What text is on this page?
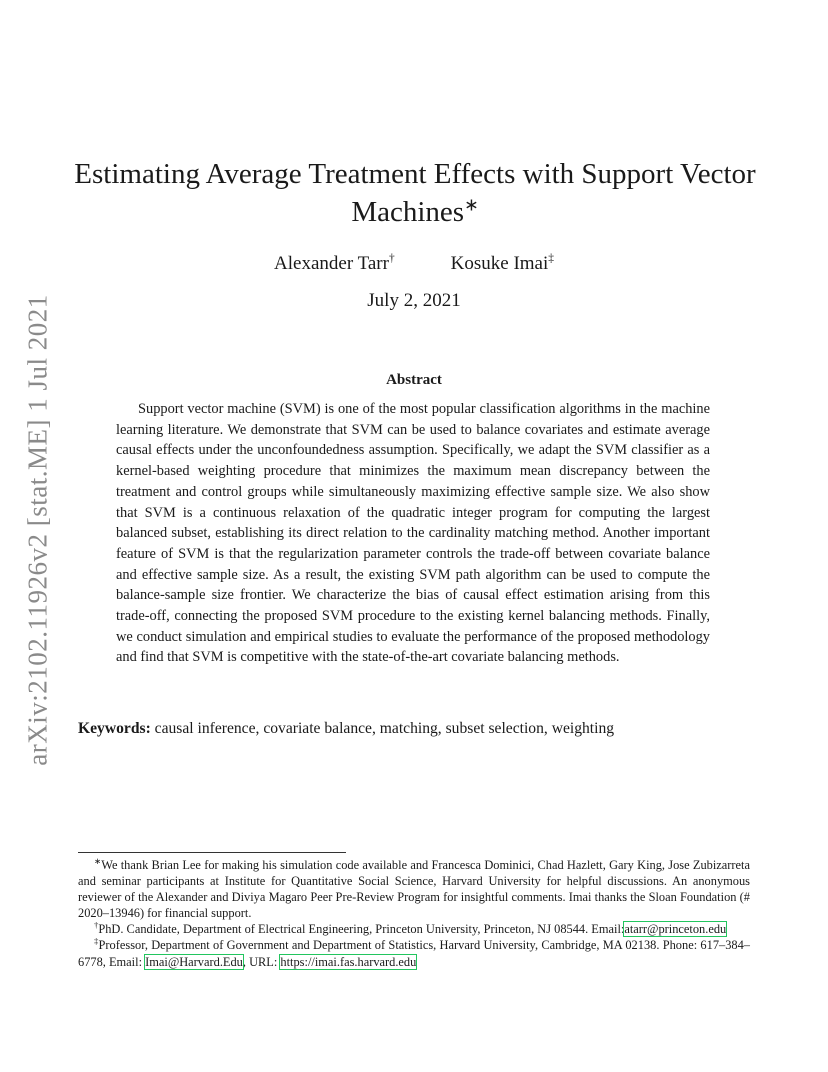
arXiv:2102.11926v2 [stat.ME] 1 Jul 2021
Estimating Average Treatment Effects with Support Vector Machines∗
Alexander Tarr†	Kosuke Imai‡
July 2, 2021
Abstract

Support vector machine (SVM) is one of the most popular classification algorithms in the machine learning literature. We demonstrate that SVM can be used to balance covariates and estimate average causal effects under the unconfoundedness assumption. Specifically, we adapt the SVM classifier as a kernel-based weighting procedure that minimizes the maximum mean discrepancy between the treatment and control groups while simultaneously maximizing effective sample size. We also show that SVM is a continuous relaxation of the quadratic integer program for computing the largest balanced subset, establishing its direct relation to the cardinality matching method. Another important feature of SVM is that the regularization parameter controls the trade-off between covariate balance and effective sample size. As a result, the existing SVM path algorithm can be used to compute the balance-sample size frontier. We characterize the bias of causal effect estimation arising from this trade-off, connecting the proposed SVM procedure to the existing kernel balancing methods. Finally, we conduct simulation and empirical studies to evaluate the performance of the proposed methodology and find that SVM is competitive with the state-of-the-art covariate balancing methods.

Keywords: causal inference, covariate balance, matching, subset selection, weighting

∗We thank Brian Lee for making his simulation code available and Francesca Dominici, Chad Hazlett, Gary King, Jose Zubizarreta and seminar participants at Institute for Quantitative Social Science, Harvard University for helpful discussions. An anonymous reviewer of the Alexander and Diviya Magaro Peer Pre-Review Program for insightful comments. Imai thanks the Sloan Foundation (# 2020–13946) for financial support.

†PhD. Candidate, Department of Electrical Engineering, Princeton University, Princeton, NJ 08544. Email:atarr@princeton.edu

‡Professor, Department of Government and Department of Statistics, Harvard University, Cambridge, MA 02138. Phone: 617–384–6778, Email: Imai@Harvard.Edu, URL: https://imai.fas.harvard.edu
